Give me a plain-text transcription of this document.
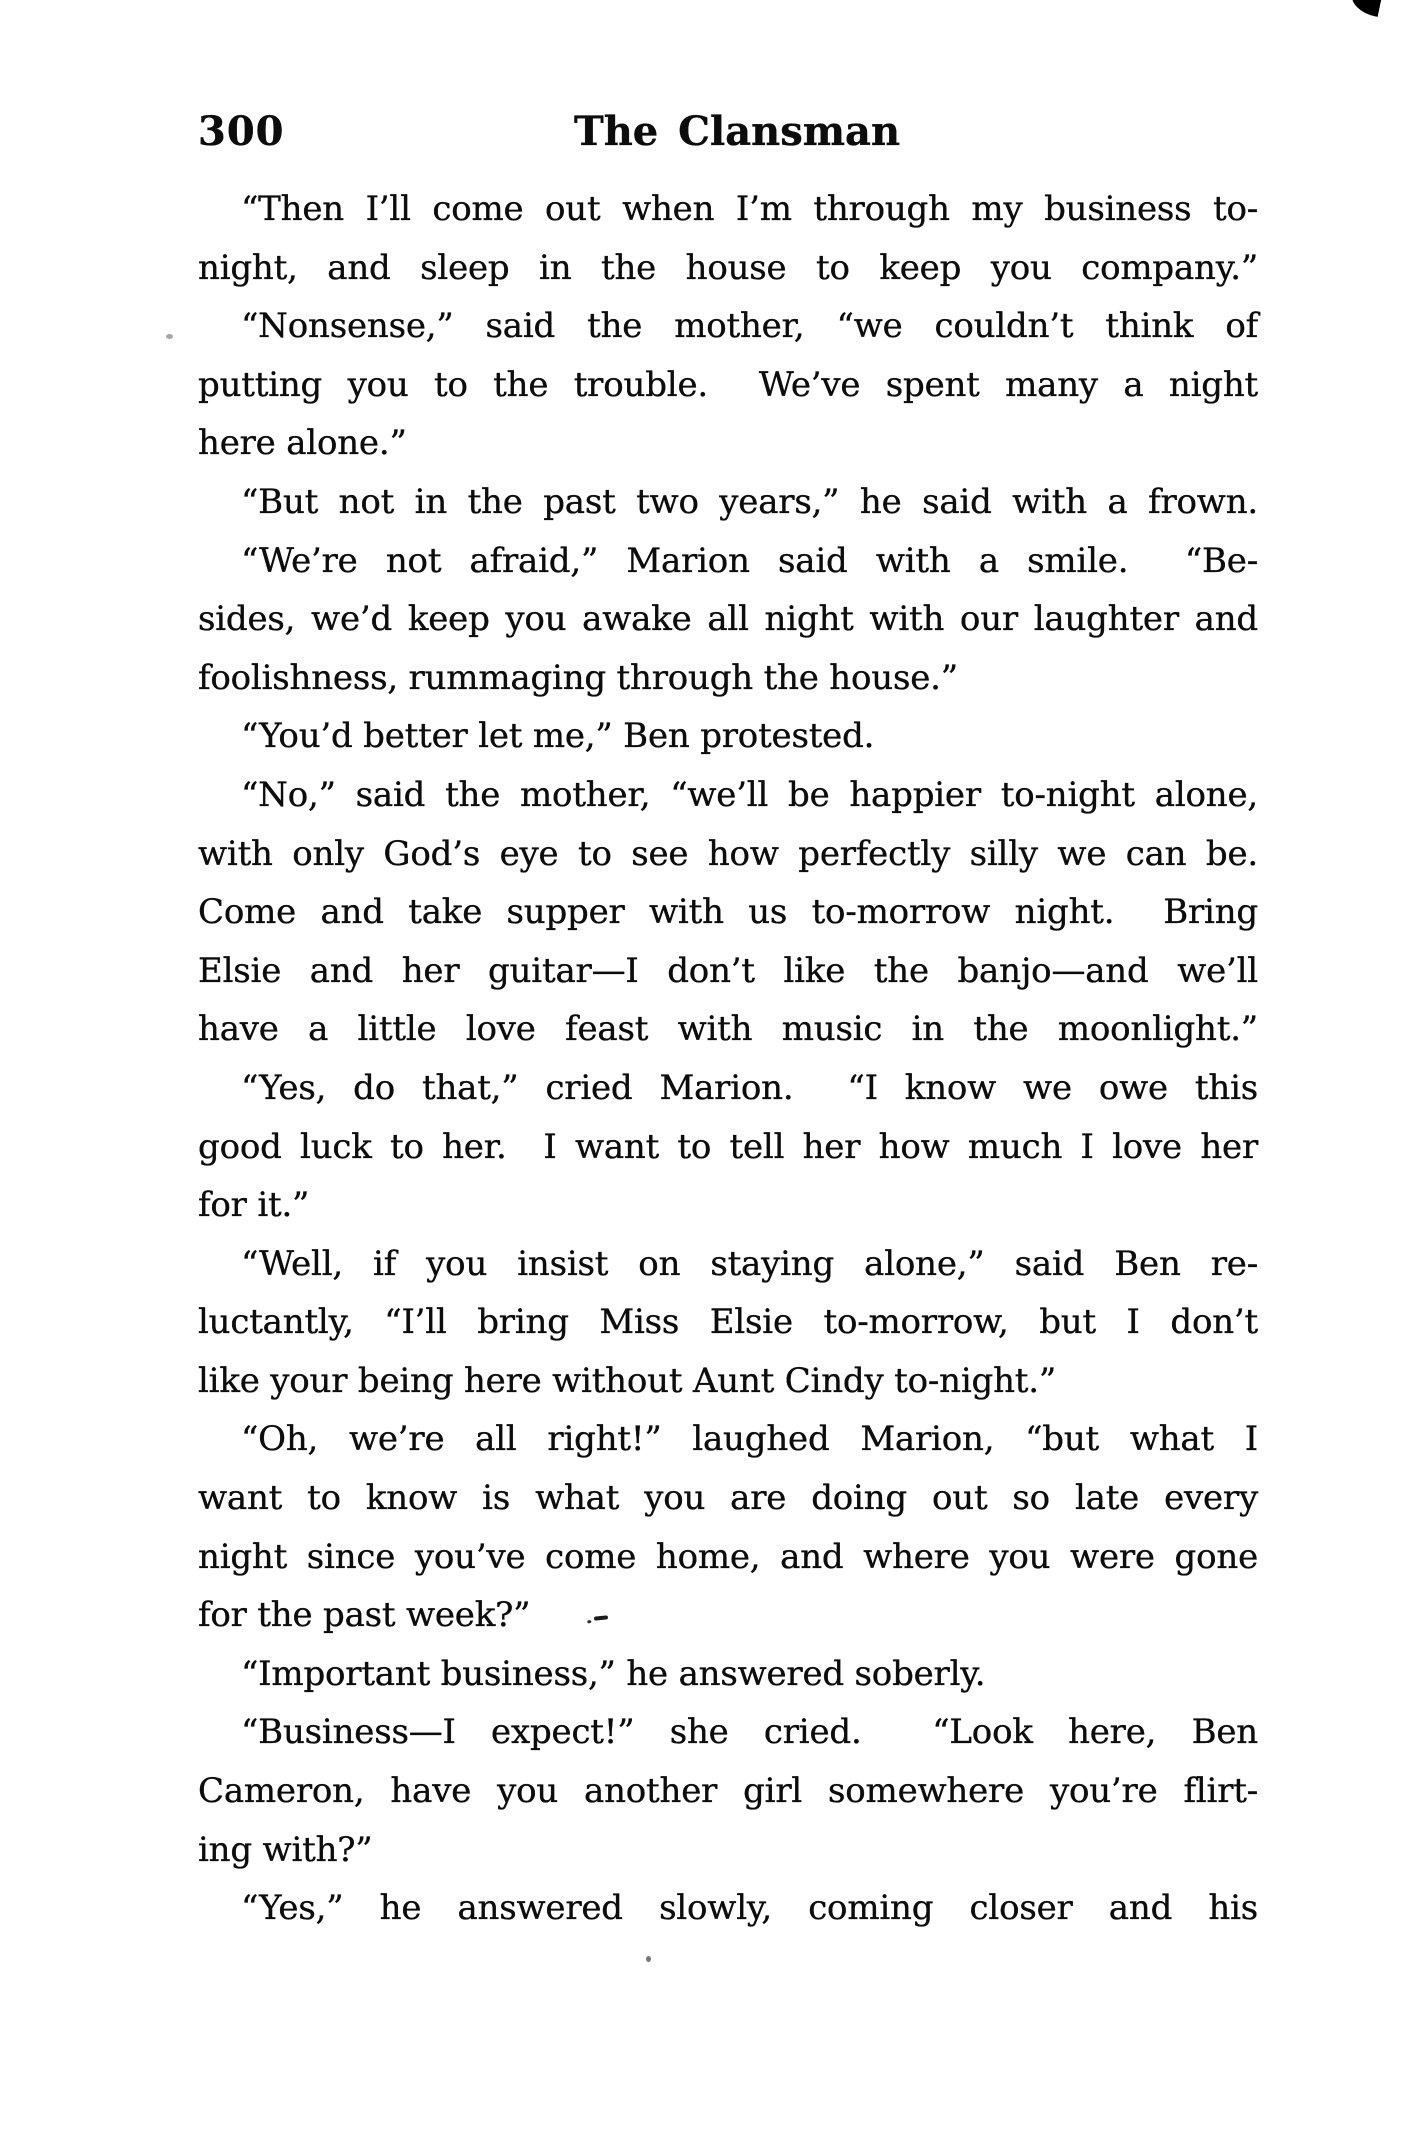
300	The Clansman
“Then I’ll come out when I’m through my business to-
night, and sleep in the house to keep you company.”
“Nonsense,” said the mother, “we couldn’t think of
putting you to the trouble.  We’ve spent many a night
here alone.”
“But not in the past two years,” he said with a frown.
“We’re not afraid,” Marion said with a smile.  “Be-
sides, we’d keep you awake all night with our laughter and
foolishness, rummaging through the house.”
“You’d better let me,” Ben protested.
“No,” said the mother, “we’ll be happier to-night alone,
with only God’s eye to see how perfectly silly we can be.
Come and take supper with us to-morrow night.  Bring
Elsie and her guitar—I don’t like the banjo—and we’ll
have a little love feast with music in the moonlight.”
“Yes, do that,” cried Marion.  “I know we owe this
good luck to her.  I want to tell her how much I love her
for it.”
“Well, if you insist on staying alone,” said Ben re-
luctantly, “I’ll bring Miss Elsie to-morrow, but I don’t
like your being here without Aunt Cindy to-night.”
“Oh, we’re all right!” laughed Marion, “but what I
want to know is what you are doing out so late every
night since you’ve come home, and where you were gone
for the past week?”
“Important business,” he answered soberly.
“Business—I expect!” she cried.  “Look here, Ben
Cameron, have you another girl somewhere you’re flirt-
ing with?”
“Yes,” he answered slowly, coming closer and his
